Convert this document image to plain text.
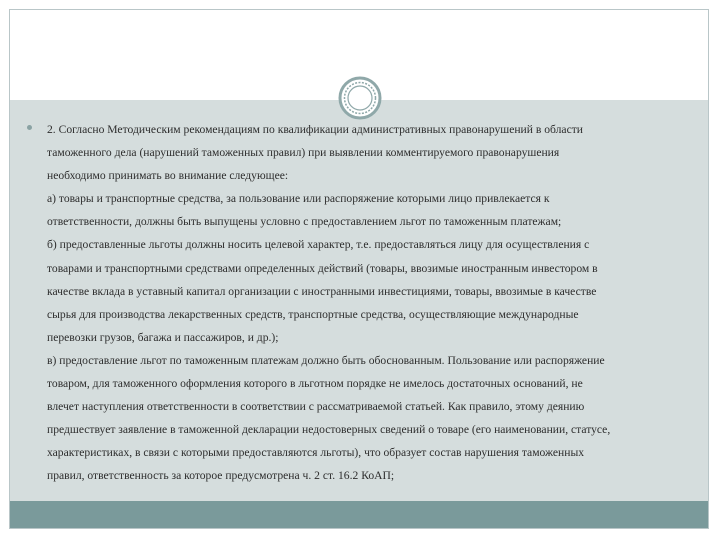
2. Согласно Методическим рекомендациям по квалификации административных правонарушений в области
таможенного дела (нарушений таможенных правил) при выявлении комментируемого правонарушения
необходимо принимать во внимание следующее:
а) товары и транспортные средства, за пользование или распоряжение которыми лицо привлекается к
ответственности, должны быть выпущены условно с предоставлением льгот по таможенным платежам;
б) предоставленные льготы должны носить целевой характер, т.е. предоставляться лицу для осуществления с
товарами и транспортными средствами определенных действий (товары, ввозимые иностранным инвестором в
качестве вклада в уставный капитал организации с иностранными инвестициями, товары, ввозимые в качестве
сырья для производства лекарственных средств, транспортные средства, осуществляющие международные
перевозки грузов, багажа и пассажиров, и др.);
в) предоставление льгот по таможенным платежам должно быть обоснованным. Пользование или распоряжение
товаром, для таможенного оформления которого в льготном порядке не имелось достаточных оснований, не
влечет наступления ответственности в соответствии с рассматриваемой статьей. Как правило, этому деянию
предшествует заявление в таможенной декларации недостоверных сведений о товаре (его наименовании, статусе,
характеристиках, в связи с которыми предоставляются льготы), что образует состав нарушения таможенных
правил, ответственность за которое предусмотрена ч. 2 ст. 16.2 КоАП;
